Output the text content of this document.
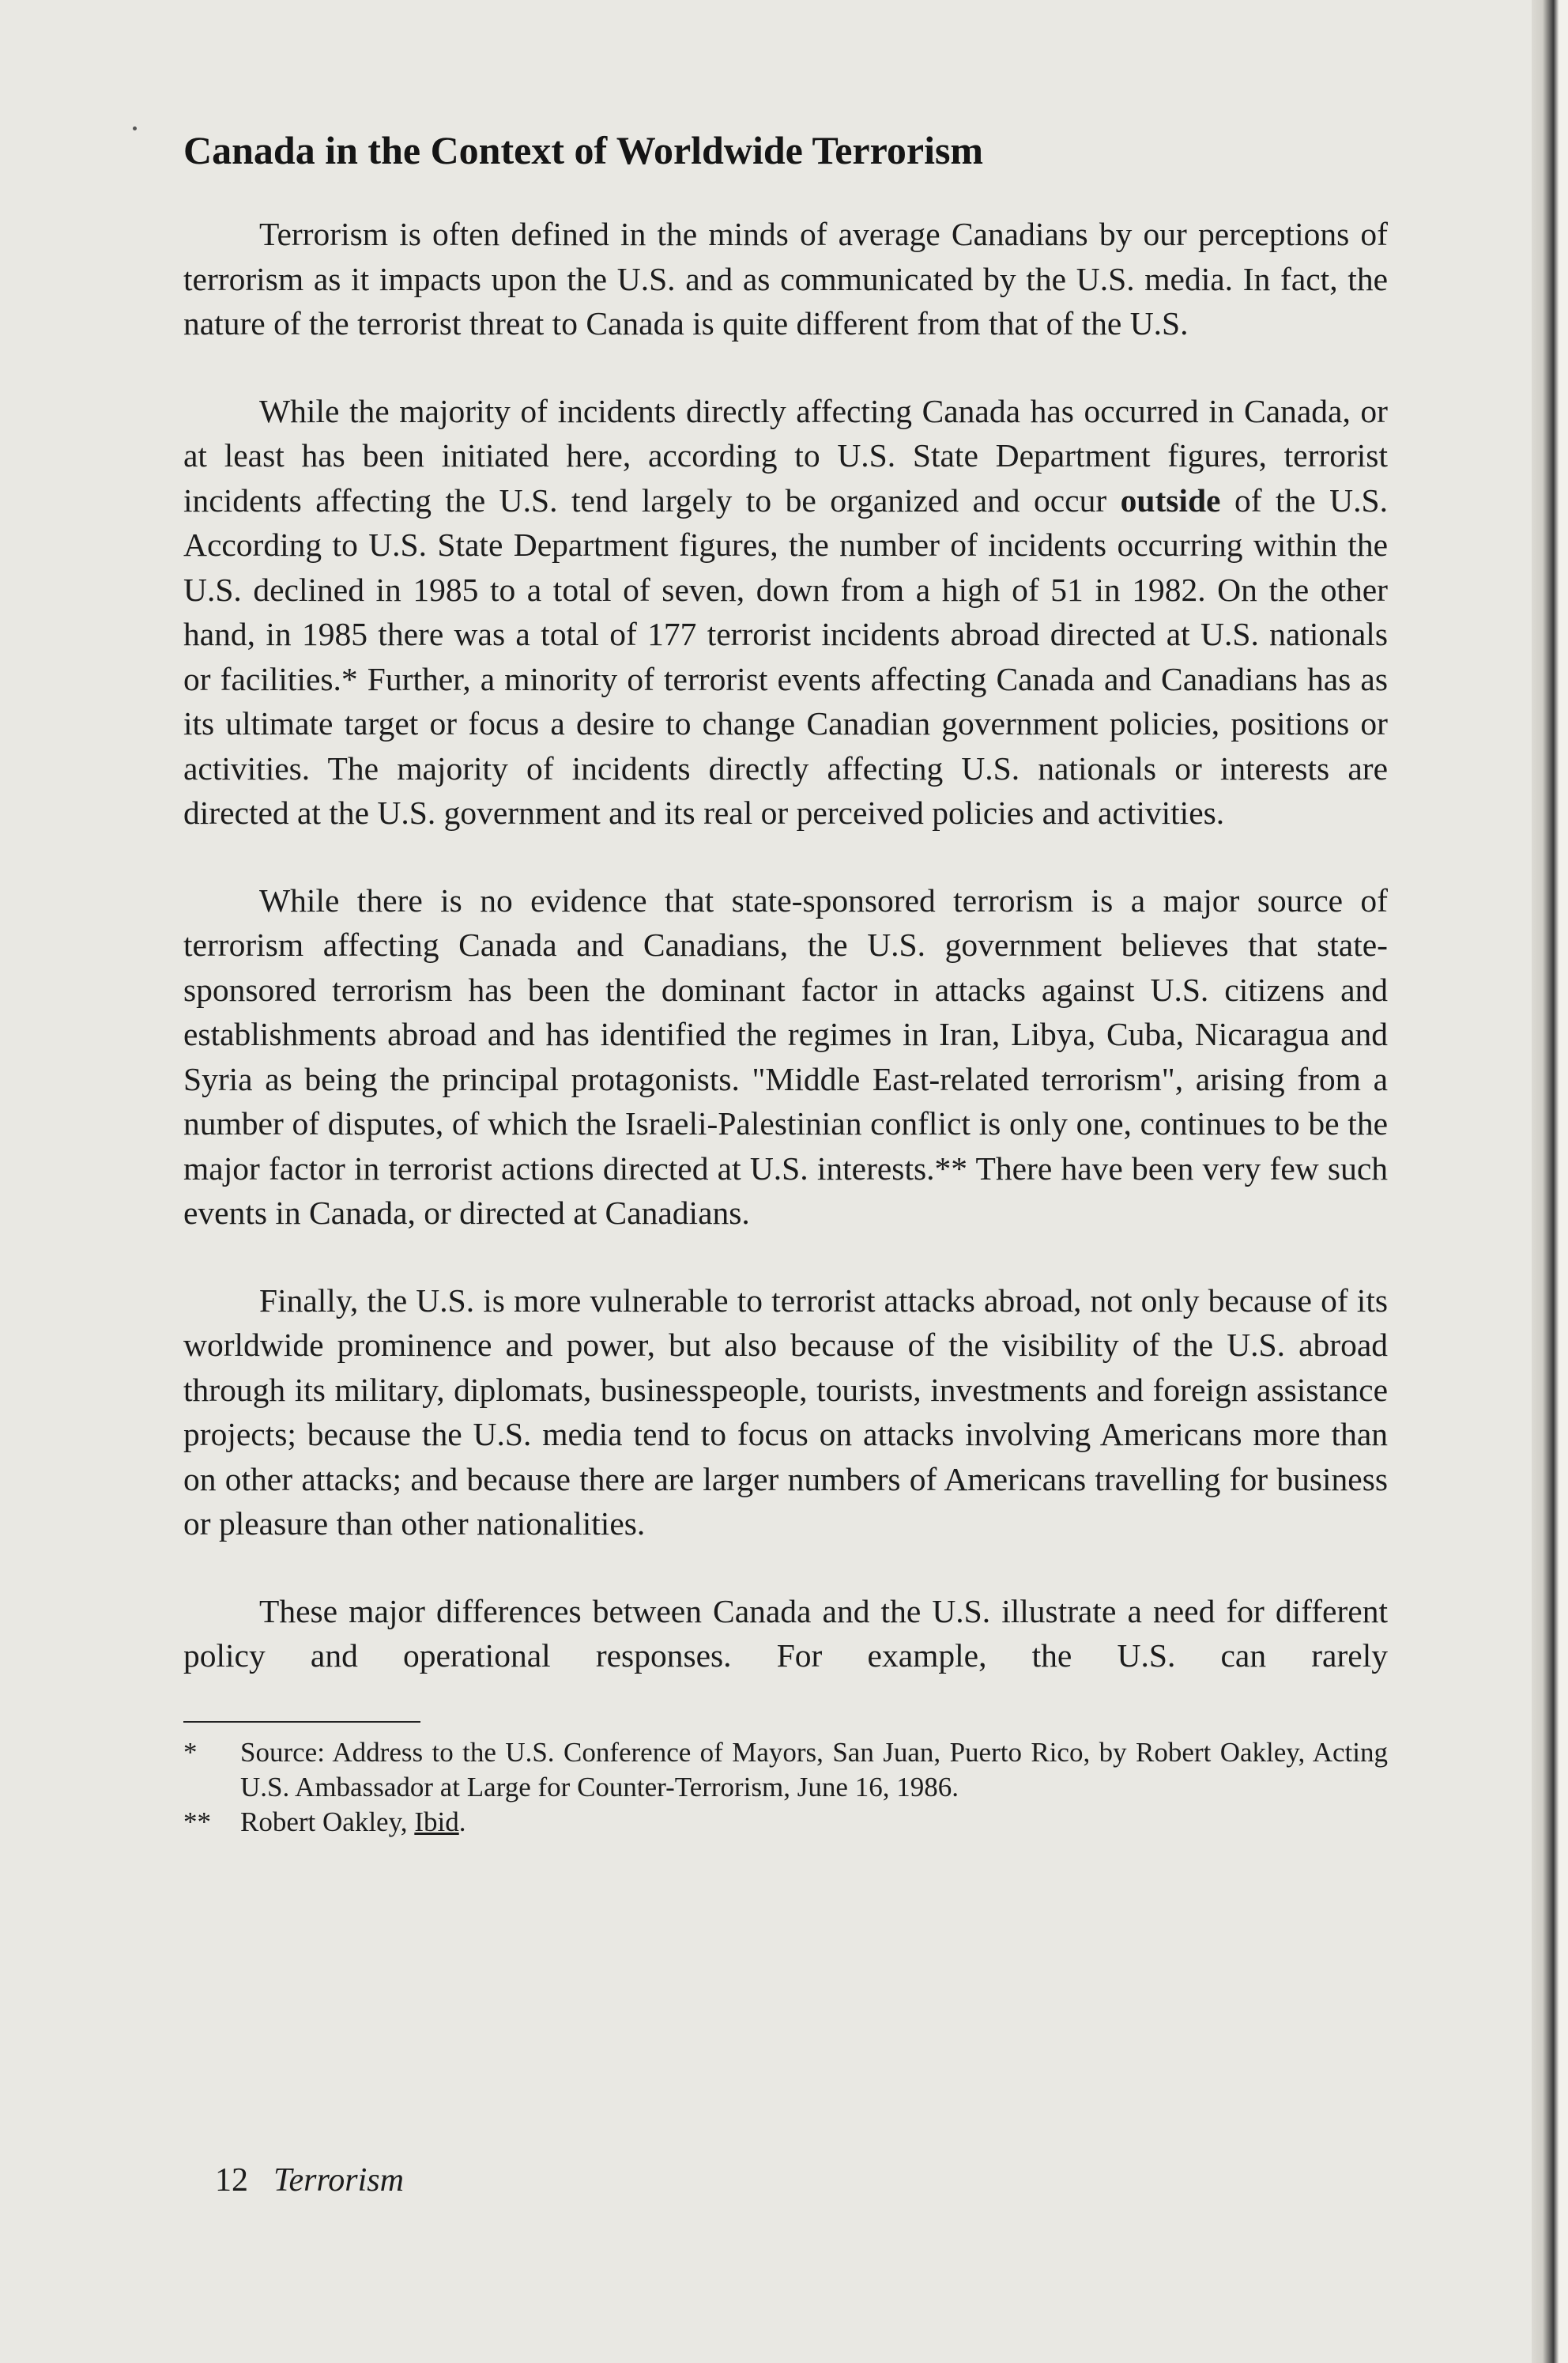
Canada in the Context of Worldwide Terrorism

Terrorism is often defined in the minds of average Canadians by our perceptions of terrorism as it impacts upon the U.S. and as communicated by the U.S. media. In fact, the nature of the terrorist threat to Canada is quite different from that of the U.S.

While the majority of incidents directly affecting Canada has occurred in Canada, or at least has been initiated here, according to U.S. State Department figures, terrorist incidents affecting the U.S. tend largely to be organized and occur outside of the U.S. According to U.S. State Department figures, the number of incidents occurring within the U.S. declined in 1985 to a total of seven, down from a high of 51 in 1982. On the other hand, in 1985 there was a total of 177 terrorist incidents abroad directed at U.S. nationals or facilities.* Further, a minority of terrorist events affecting Canada and Canadians has as its ultimate target or focus a desire to change Canadian government policies, positions or activities. The majority of incidents directly affecting U.S. nationals or interests are directed at the U.S. government and its real or perceived policies and activities.

While there is no evidence that state-sponsored terrorism is a major source of terrorism affecting Canada and Canadians, the U.S. government believes that state-sponsored terrorism has been the dominant factor in attacks against U.S. citizens and establishments abroad and has identified the regimes in Iran, Libya, Cuba, Nicaragua and Syria as being the principal protagonists. "Middle East-related terrorism", arising from a number of disputes, of which the Israeli-Palestinian conflict is only one, continues to be the major factor in terrorist actions directed at U.S. interests.** There have been very few such events in Canada, or directed at Canadians.

Finally, the U.S. is more vulnerable to terrorist attacks abroad, not only because of its worldwide prominence and power, but also because of the visibility of the U.S. abroad through its military, diplomats, businesspeople, tourists, investments and foreign assistance projects; because the U.S. media tend to focus on attacks involving Americans more than on other attacks; and because there are larger numbers of Americans travelling for business or pleasure than other nationalities.

These major differences between Canada and the U.S. illustrate a need for different policy and operational responses. For example, the U.S. can rarely

*	Source: Address to the U.S. Conference of Mayors, San Juan, Puerto Rico, by Robert Oakley, Acting U.S. Ambassador at Large for Counter-Terrorism, June 16, 1986.
**	Robert Oakley, Ibid.
12 Terrorism
